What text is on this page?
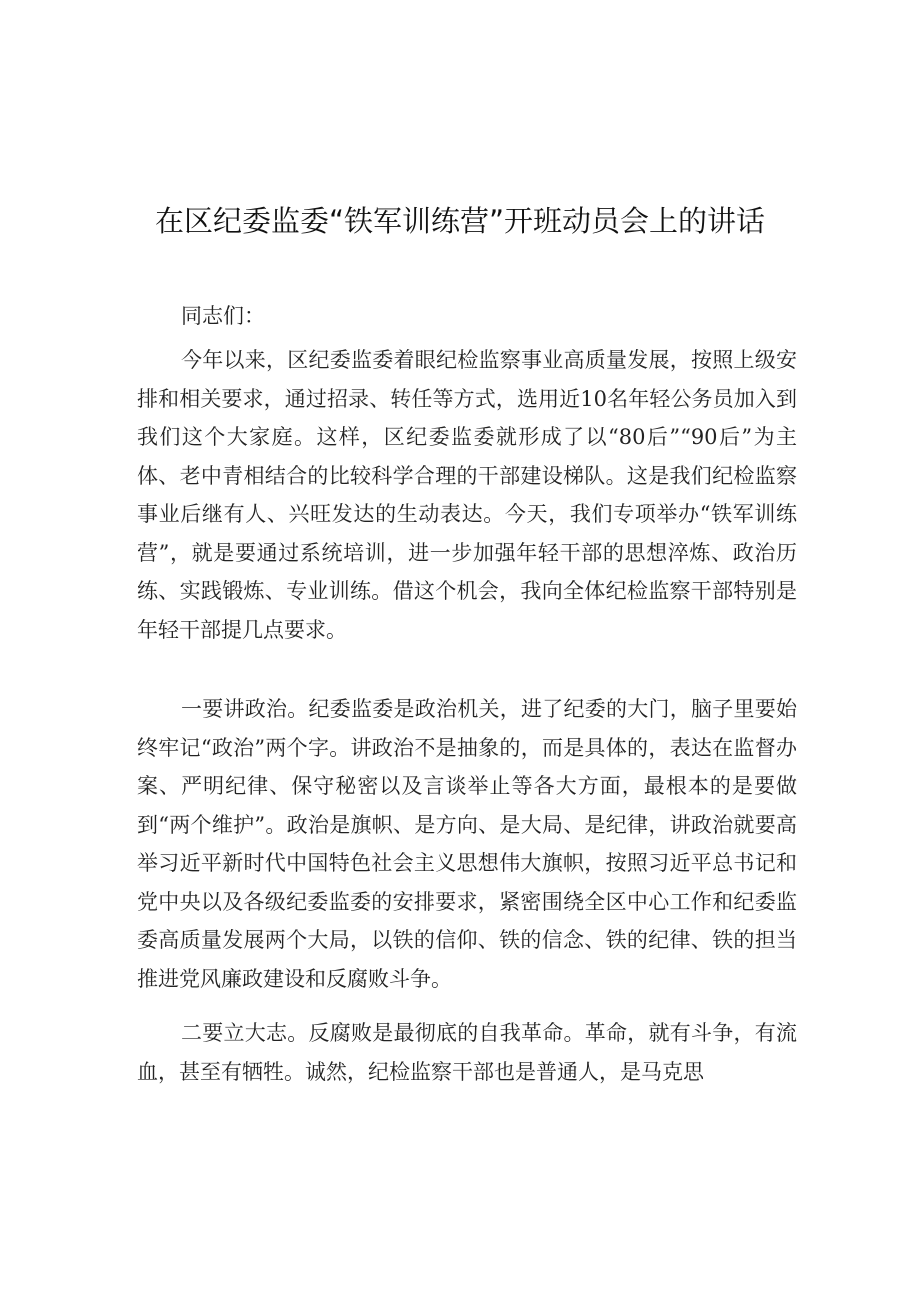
在区纪委监委“铁军训练营”开班动员会上的讲话

同志们：

今年以来，区纪委监委着眼纪检监察事业高质量发展，按照上级安排和相关要求，通过招录、转任等方式，选用近10名年轻公务员加入到我们这个大家庭。这样，区纪委监委就形成了以“80后”“90后”为主体、老中青相结合的比较科学合理的干部建设梯队。这是我们纪检监察事业后继有人、兴旺发达的生动表达。今天，我们专项举办“铁军训练营”，就是要通过系统培训，进一步加强年轻干部的思想淬炼、政治历练、实践锻炼、专业训练。借这个机会，我向全体纪检监察干部特别是年轻干部提几点要求。

一要讲政治。纪委监委是政治机关，进了纪委的大门，脑子里要始终牢记“政治”两个字。讲政治不是抽象的，而是具体的，表达在监督办案、严明纪律、保守秘密以及言谈举止等各大方面，最根本的是要做到“两个维护”。政治是旗帜、是方向、是大局、是纪律，讲政治就要高举习近平新时代中国特色社会主义思想伟大旗帜，按照习近平总书记和党中央以及各级纪委监委的安排要求，紧密围绕全区中心工作和纪委监委高质量发展两个大局，以铁的信仰、铁的信念、铁的纪律、铁的担当推进党风廉政建设和反腐败斗争。

二要立大志。反腐败是最彻底的自我革命。革命，就有斗争，有流血，甚至有牺牲。诚然，纪检监察干部也是普通人，是马克思
